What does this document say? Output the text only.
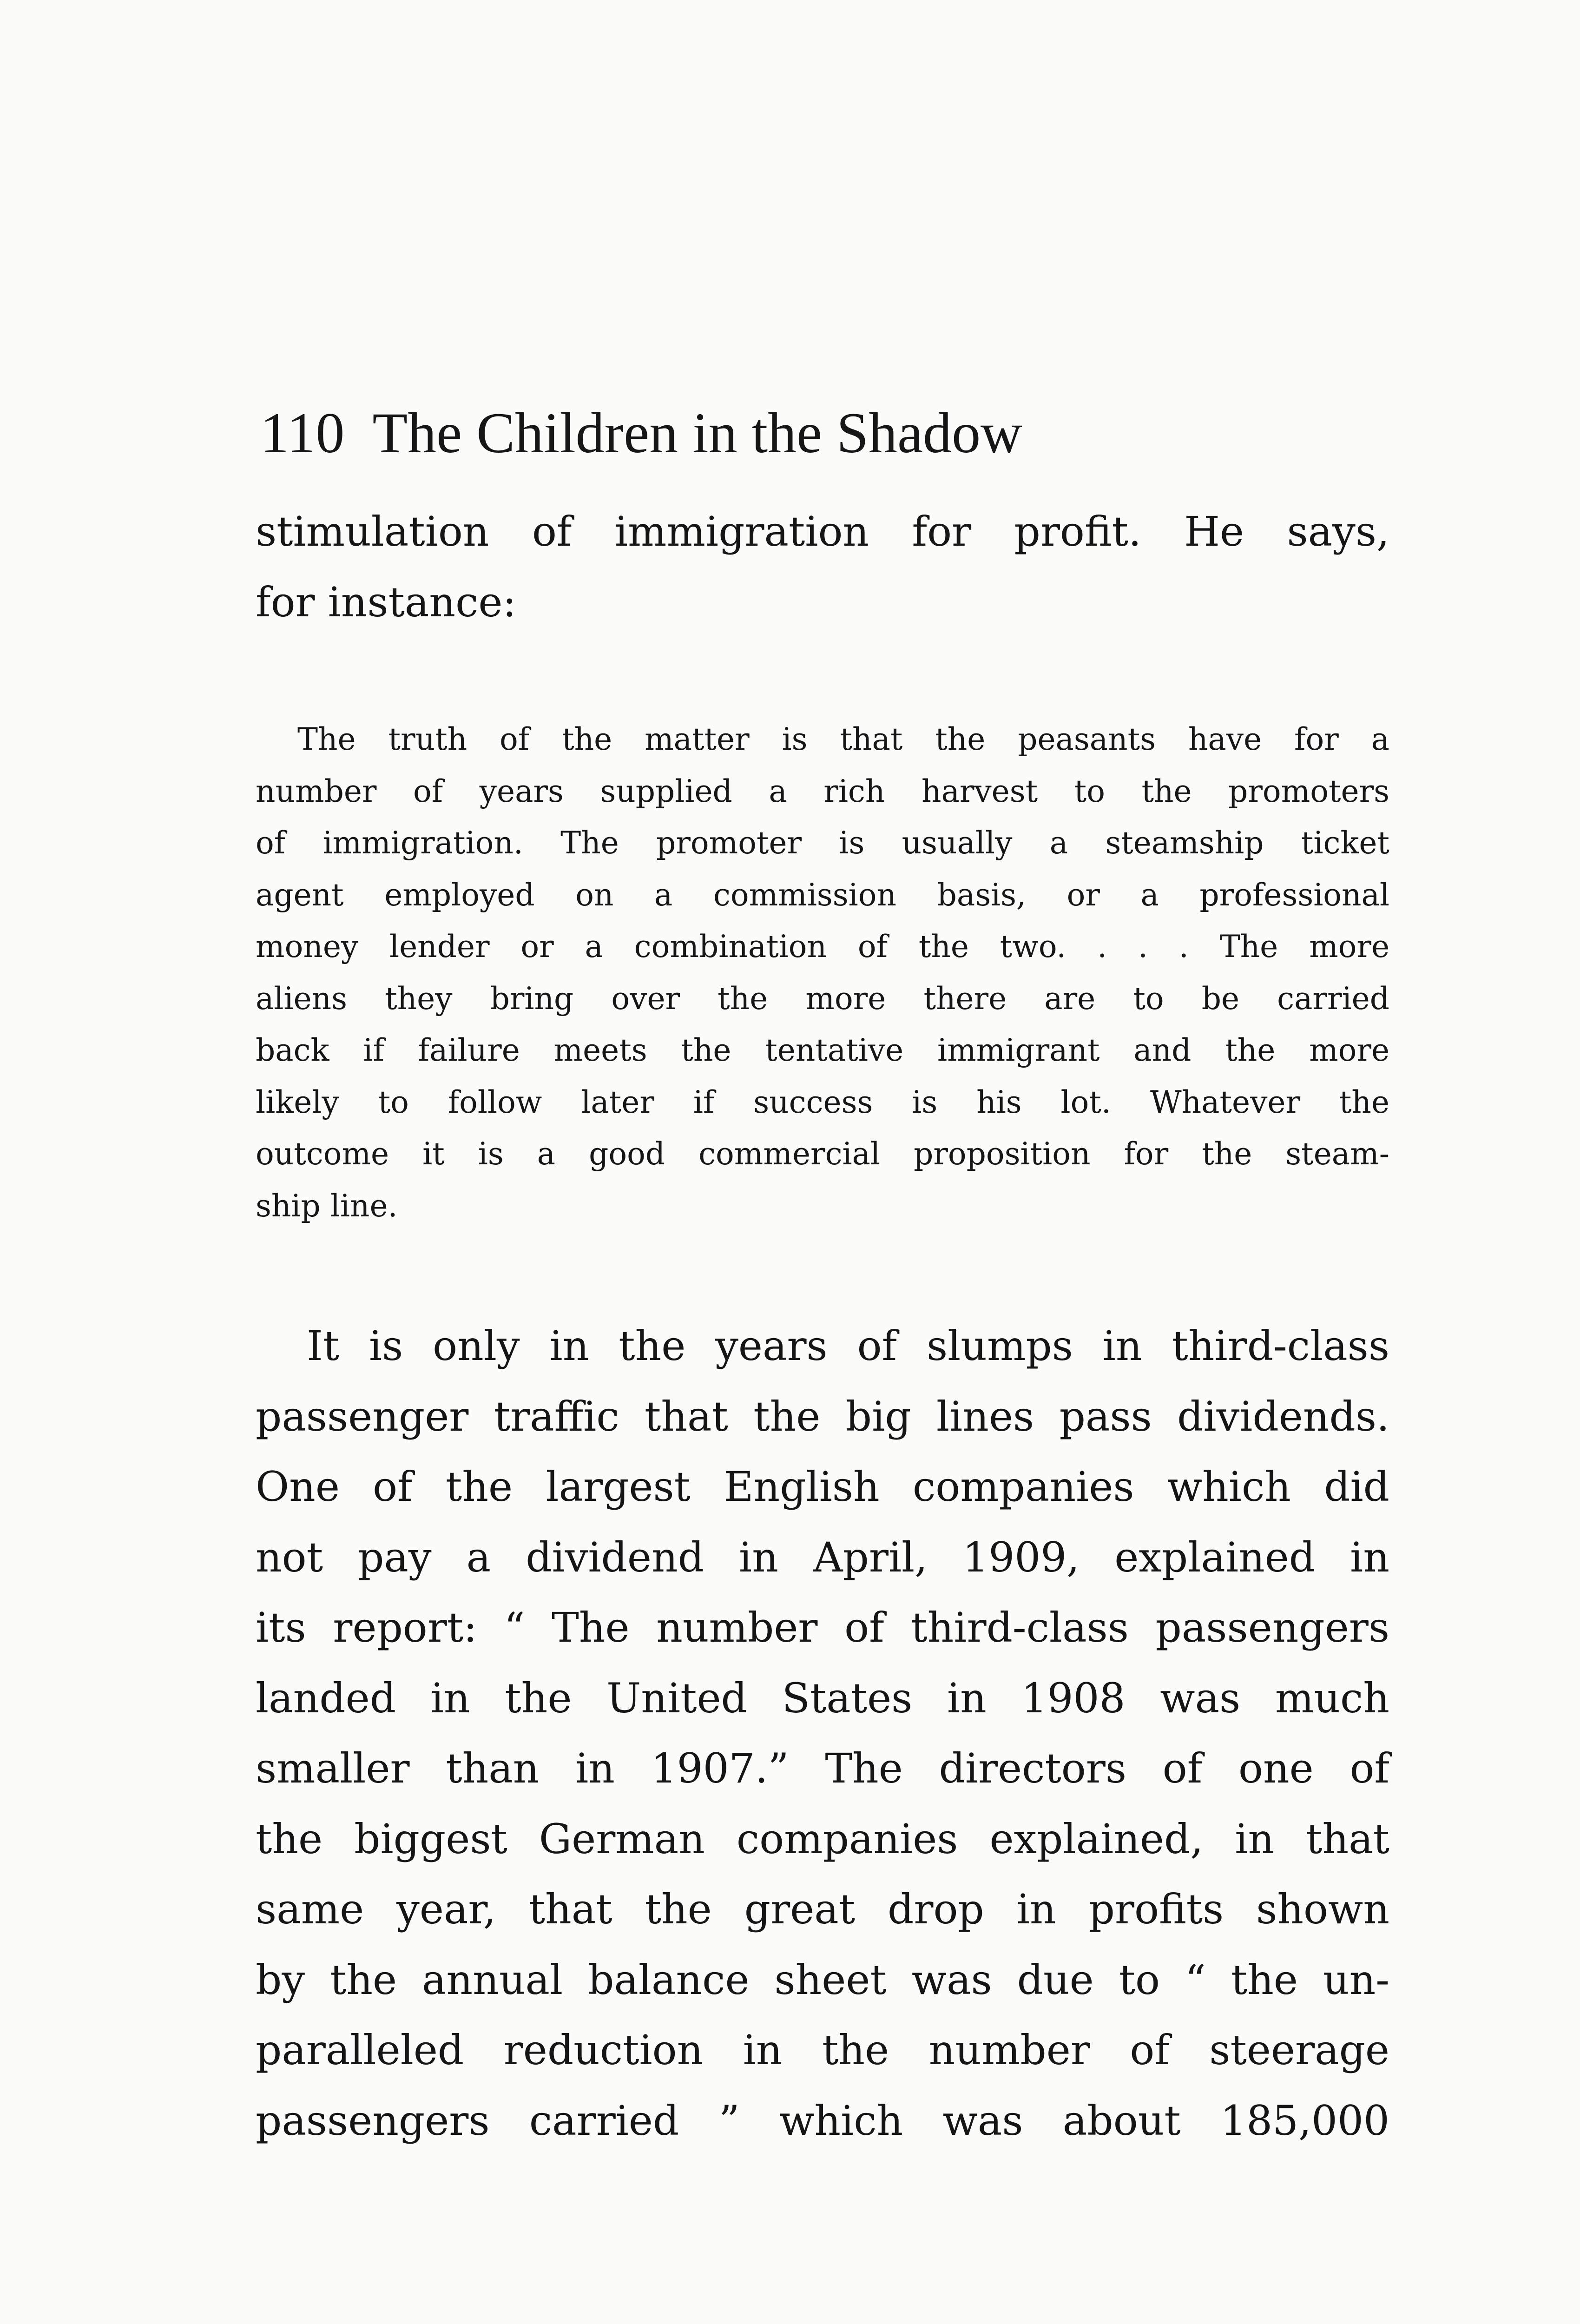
110 The Children in the Shadow
stimulation of immigration for profit. He says,
for instance:
The truth of the matter is that the peasants have for a
number of years supplied a rich harvest to the promoters
of immigration. The promoter is usually a steamship ticket
agent employed on a commission basis, or a professional
money lender or a combination of the two. . . . The more
aliens they bring over the more there are to be carried
back if failure meets the tentative immigrant and the more
likely to follow later if success is his lot. Whatever the
outcome it is a good commercial proposition for the steam-
ship line.
It is only in the years of slumps in third-class
passenger traffic that the big lines pass dividends.
One of the largest English companies which did
not pay a dividend in April, 1909, explained in
its report: “ The number of third-class passengers
landed in the United States in 1908 was much
smaller than in 1907.” The directors of one of
the biggest German companies explained, in that
same year, that the great drop in profits shown
by the annual balance sheet was due to “ the un-
paralleled reduction in the number of steerage
passengers carried ” which was about 185,000
